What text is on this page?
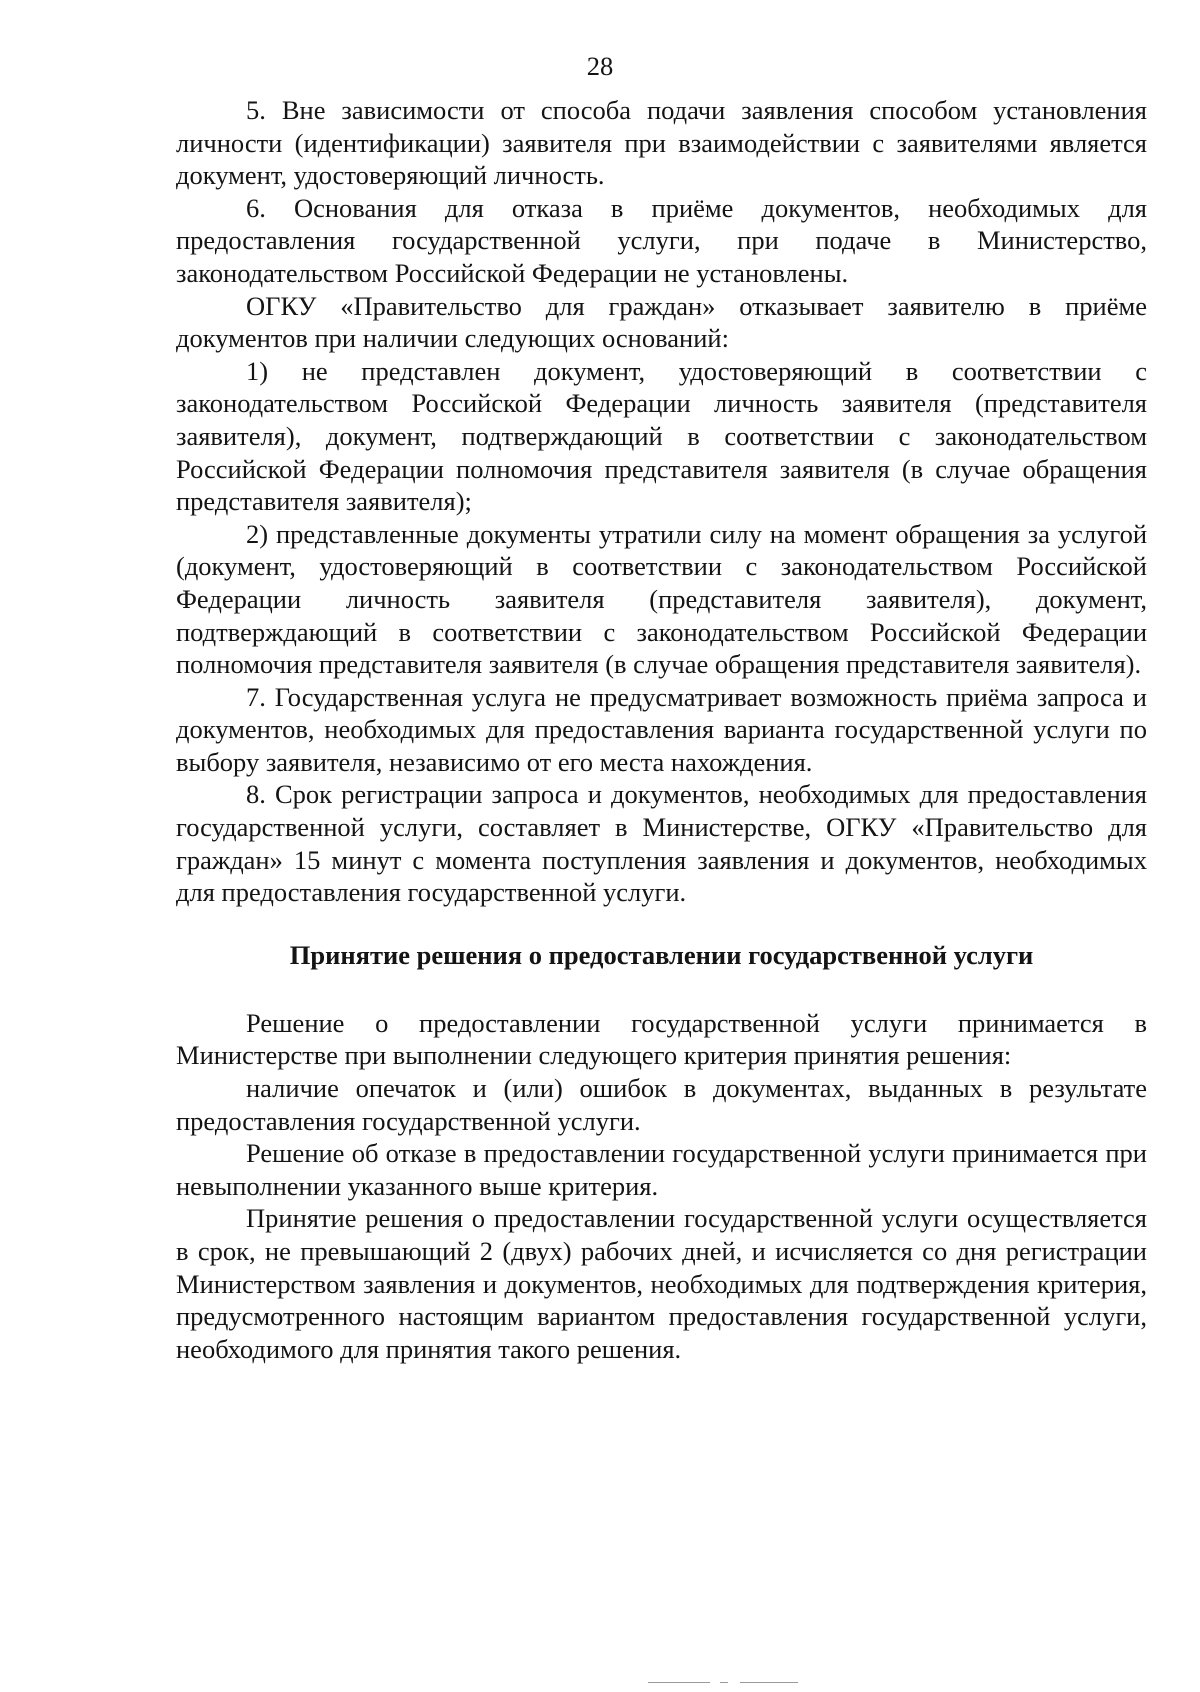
28

5. Вне зависимости от способа подачи заявления способом установления личности (идентификации) заявителя при взаимодействии с заявителями является документ, удостоверяющий личность.

6. Основания для отказа в приёме документов, необходимых для предоставления государственной услуги, при подаче в Министерство, законодательством Российской Федерации не установлены.

ОГКУ «Правительство для граждан» отказывает заявителю в приёме документов при наличии следующих оснований:

1) не представлен документ, удостоверяющий в соответствии с законодательством Российской Федерации личность заявителя (представителя заявителя), документ, подтверждающий в соответствии с законодательством Российской Федерации полномочия представителя заявителя (в случае обращения представителя заявителя);

2) представленные документы утратили силу на момент обращения за услугой (документ, удостоверяющий в соответствии с законодательством Российской Федерации личность заявителя (представителя заявителя), документ, подтверждающий в соответствии с законодательством Российской Федерации полномочия представителя заявителя (в случае обращения представителя заявителя).

7. Государственная услуга не предусматривает возможность приёма запроса и документов, необходимых для предоставления варианта государственной услуги по выбору заявителя, независимо от его места нахождения.

8. Срок регистрации запроса и документов, необходимых для предоставления государственной услуги, составляет в Министерстве, ОГКУ «Правительство для граждан» 15 минут с момента поступления заявления и документов, необходимых для предоставления государственной услуги.

Принятие решения о предоставлении государственной услуги

Решение о предоставлении государственной услуги принимается в Министерстве при выполнении следующего критерия принятия решения:

наличие опечаток и (или) ошибок в документах, выданных в результате предоставления государственной услуги.

Решение об отказе в предоставлении государственной услуги принимается при невыполнении указанного выше критерия.

Принятие решения о предоставлении государственной услуги осуществляется в срок, не превышающий 2 (двух) рабочих дней, и исчисляется со дня регистрации Министерством заявления и документов, необходимых для подтверждения критерия, предусмотренного настоящим вариантом предоставления государственной услуги, необходимого для принятия такого решения.
